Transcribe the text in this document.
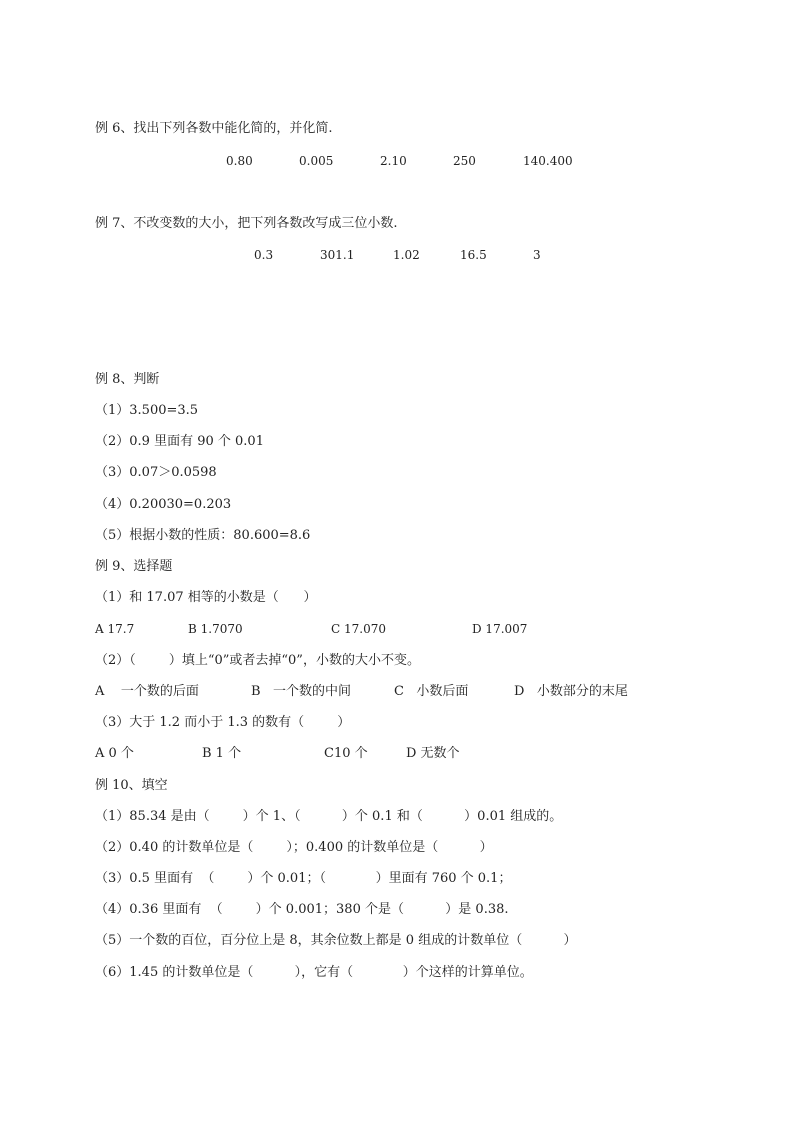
例 6、找出下列各数中能化简的，并化简.
0.80	0.005	2.10	250	140.400
例 7、不改变数的大小，把下列各数改写成三位小数.
0.3	301.1	1.02	16.5	3
例 8、判断
（1）3.500=3.5
（2）0.9 里面有 90 个 0.01
（3）0.07＞0.0598
（4）0.20030=0.203
（5）根据小数的性质：80.600=8.6
例 9、选择题
（1）和 17.07 相等的小数是（      ）
A 17.7	B 1.7070	C 17.070	D 17.007
（2）（        ）填上“0”或者去掉“0”，小数的大小不变。
A    一个数的后面	B   一个数的中间	C   小数后面	D   小数部分的末尾
（3）大于 1.2 而小于 1.3 的数有（        ）
A 0 个	B 1 个	C10 个	D 无数个
例 10、填空
（1）85.34 是由（        ）个 1、（          ）个 0.1 和（          ）0.01 组成的。
（2）0.40 的计数单位是（        ）；0.400 的计数单位是（          ）
（3）0.5 里面有  （        ）个 0.01；（            ）里面有 760 个 0.1；
（4）0.36 里面有  （        ）个 0.001；380 个是（          ）是 0.38.
（5）一个数的百位，百分位上是 8，其余位数上都是 0 组成的计数单位（          ）
（6）1.45 的计数单位是（          ），它有（            ）个这样的计算单位。
